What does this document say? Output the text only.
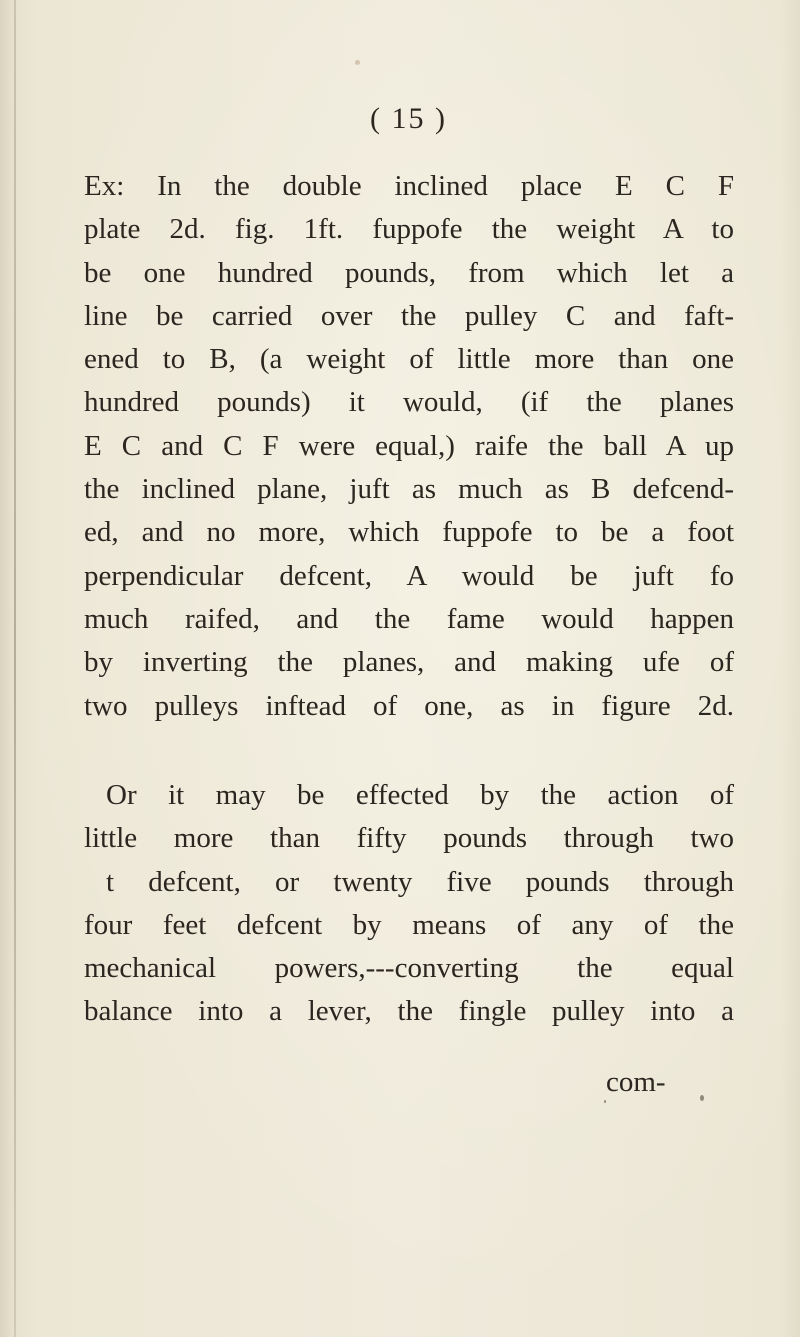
( 15 )
Ex: In the double inclined place E C F
plate 2d. fig. 1ft. fuppofe the weight A to
be one hundred pounds, from which let a
line be carried over the pulley C and faft-
ened to B, (a weight of little more than one
hundred pounds) it would, (if the planes
E C and C F were equal,) raife the ball A up
the inclined plane, juft as much as B defcend-
ed, and no more, which fuppofe to be a foot
perpendicular defcent, A would be juft fo
much raifed, and the fame would happen
by inverting the planes, and making ufe of
two pulleys inftead of one, as in figure 2d.
Or it may be effected by the action of
little more than fifty pounds through two
t defcent, or twenty five pounds through
four feet defcent by means of any of the
mechanical powers,---converting the equal
balance into a lever, the fingle pulley into a
com-
